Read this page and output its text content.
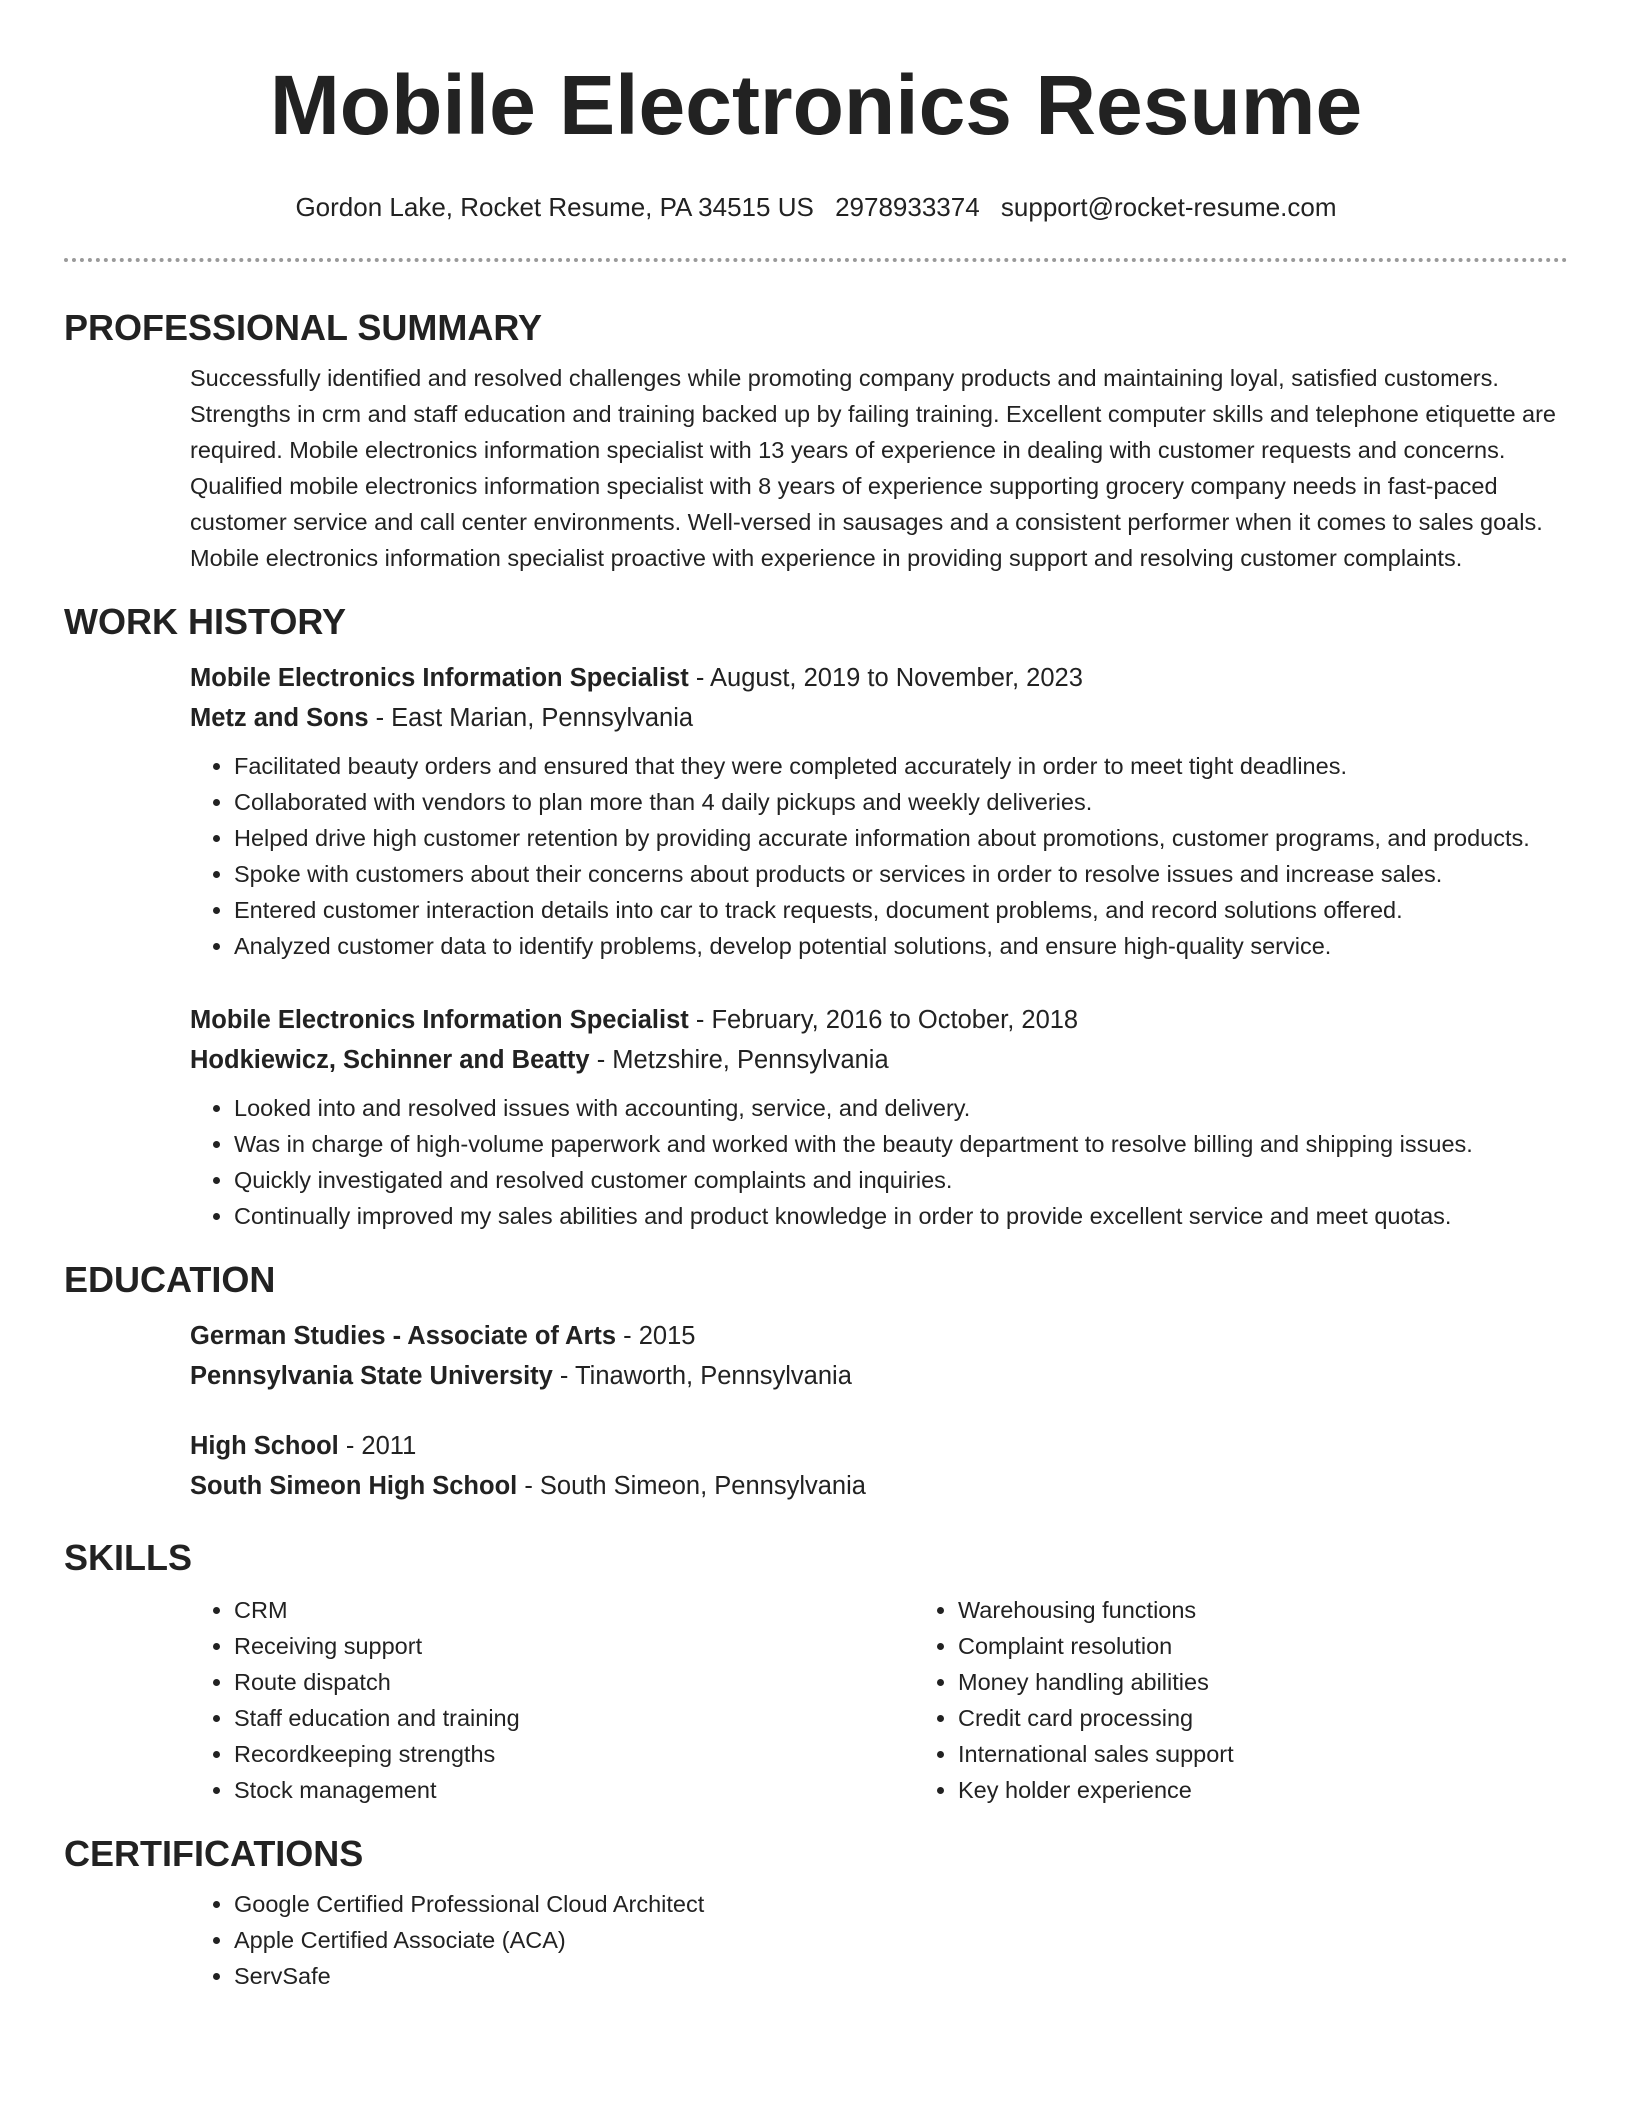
Mobile Electronics Resume
Gordon Lake, Rocket Resume, PA 34515 US 2978933374 support@rocket-resume.com
PROFESSIONAL SUMMARY

Successfully identified and resolved challenges while promoting company products and maintaining loyal, satisfied customers. Strengths in crm and staff education and training backed up by failing training. Excellent computer skills and telephone etiquette are required. Mobile electronics information specialist with 13 years of experience in dealing with customer requests and concerns. Qualified mobile electronics information specialist with 8 years of experience supporting grocery company needs in fast-paced customer service and call center environments. Well-versed in sausages and a consistent performer when it comes to sales goals. Mobile electronics information specialist proactive with experience in providing support and resolving customer complaints.

WORK HISTORY
Mobile Electronics Information Specialist - August, 2019 to November, 2023
Metz and Sons - East Marian, Pennsylvania
• Facilitated beauty orders and ensured that they were completed accurately in order to meet tight deadlines.
• Collaborated with vendors to plan more than 4 daily pickups and weekly deliveries.
• Helped drive high customer retention by providing accurate information about promotions, customer programs, and products.
• Spoke with customers about their concerns about products or services in order to resolve issues and increase sales.
• Entered customer interaction details into car to track requests, document problems, and record solutions offered.
• Analyzed customer data to identify problems, develop potential solutions, and ensure high-quality service.
Mobile Electronics Information Specialist - February, 2016 to October, 2018
Hodkiewicz, Schinner and Beatty - Metzshire, Pennsylvania
• Looked into and resolved issues with accounting, service, and delivery.
• Was in charge of high-volume paperwork and worked with the beauty department to resolve billing and shipping issues.
• Quickly investigated and resolved customer complaints and inquiries.
• Continually improved my sales abilities and product knowledge in order to provide excellent service and meet quotas.
EDUCATION
German Studies - Associate of Arts - 2015
Pennsylvania State University - Tinaworth, Pennsylvania
High School - 2011
South Simeon High School - South Simeon, Pennsylvania
SKILLS
• CRM
• Receiving support
• Route dispatch
• Staff education and training
• Recordkeeping strengths
• Stock management
• Warehousing functions
• Complaint resolution
• Money handling abilities
• Credit card processing
• International sales support
• Key holder experience
CERTIFICATIONS
• Google Certified Professional Cloud Architect
• Apple Certified Associate (ACA)
• ServSafe
